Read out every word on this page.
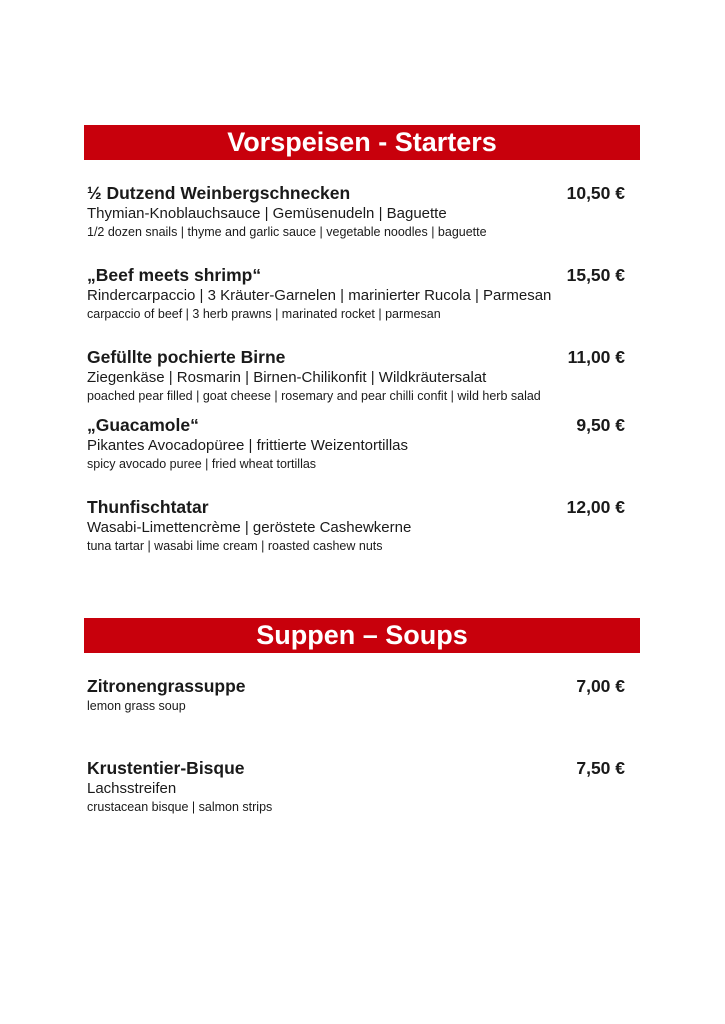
Vorspeisen - Starters
½ Dutzend Weinbergschnecken	10,50 €
Thymian-Knoblauchsauce | Gemüsenudeln | Baguette
1/2 dozen snails | thyme and garlic sauce | vegetable noodles | baguette
„Beef meets shrimp“	15,50 €
Rindercarpaccio | 3 Kräuter-Garnelen | marinierter Rucola | Parmesan
carpaccio of beef | 3 herb prawns | marinated rocket | parmesan
Gefüllte pochierte Birne	11,00 €
Ziegenkäse | Rosmarin | Birnen-Chilikonfit | Wildkräutersalat
poached pear filled | goat cheese | rosemary and pear chilli confit | wild herb salad
„Guacamole“	9,50 €
Pikantes Avocadopüree | frittierte Weizentortillas
spicy avocado puree | fried wheat tortillas
Thunfischtatar	12,00 €
Wasabi-Limettencrème | geröstete Cashewkerne
tuna tartar | wasabi lime cream | roasted cashew nuts
Suppen – Soups
Zitronengrassuppe	7,00 €
lemon grass soup
Krustentier-Bisque	7,50 €
Lachsstreifen
crustacean bisque | salmon strips
